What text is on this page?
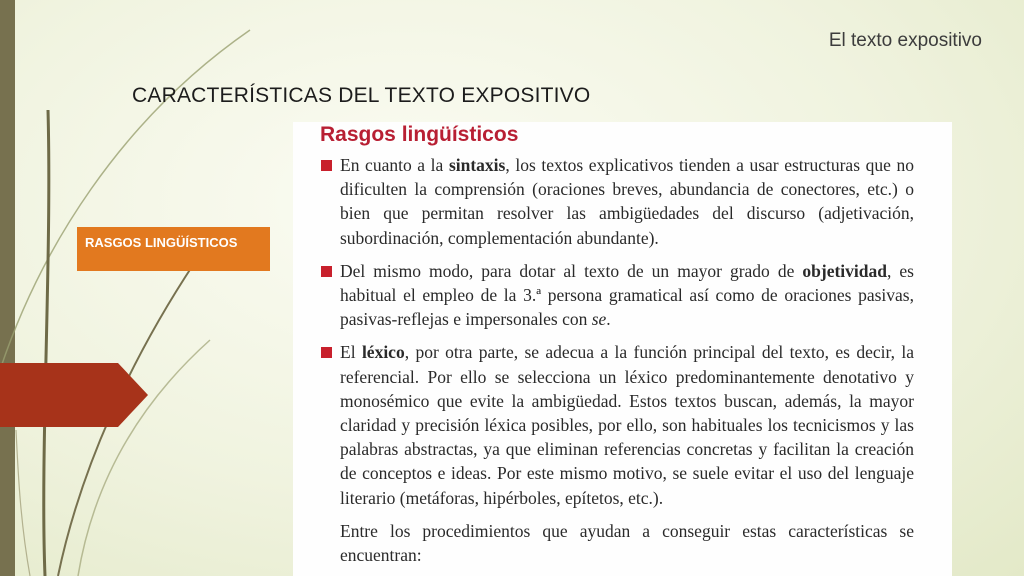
El texto expositivo
CARACTERÍSTICAS DEL TEXTO EXPOSITIVO
RASGOS LINGÜÍSTICOS
Rasgos lingüísticos

En cuanto a la sintaxis, los textos explicativos tienden a usar estructuras que no dificulten la comprensión (oraciones breves, abundancia de conectores, etc.) o bien que permitan resolver las ambigüedades del discurso (adjetivación, subordinación, complementación abundante).

Del mismo modo, para dotar al texto de un mayor grado de objetividad, es habitual el empleo de la 3.ª persona gramatical así como de oraciones pasivas, pasivas-reflejas e impersonales con se.

El léxico, por otra parte, se adecua a la función principal del texto, es decir, la referencial. Por ello se selecciona un léxico predominantemente denotativo y monosémico que evite la ambigüedad. Estos textos buscan, además, la mayor claridad y precisión léxica posibles, por ello, son habituales los tecnicismos y las palabras abstractas, ya que eliminan referencias concretas y facilitan la creación de conceptos e ideas. Por este mismo motivo, se suele evitar el uso del lenguaje literario (metáforas, hipérboles, epítetos, etc.).

Entre los procedimientos que ayudan a conseguir estas características se encuentran:
